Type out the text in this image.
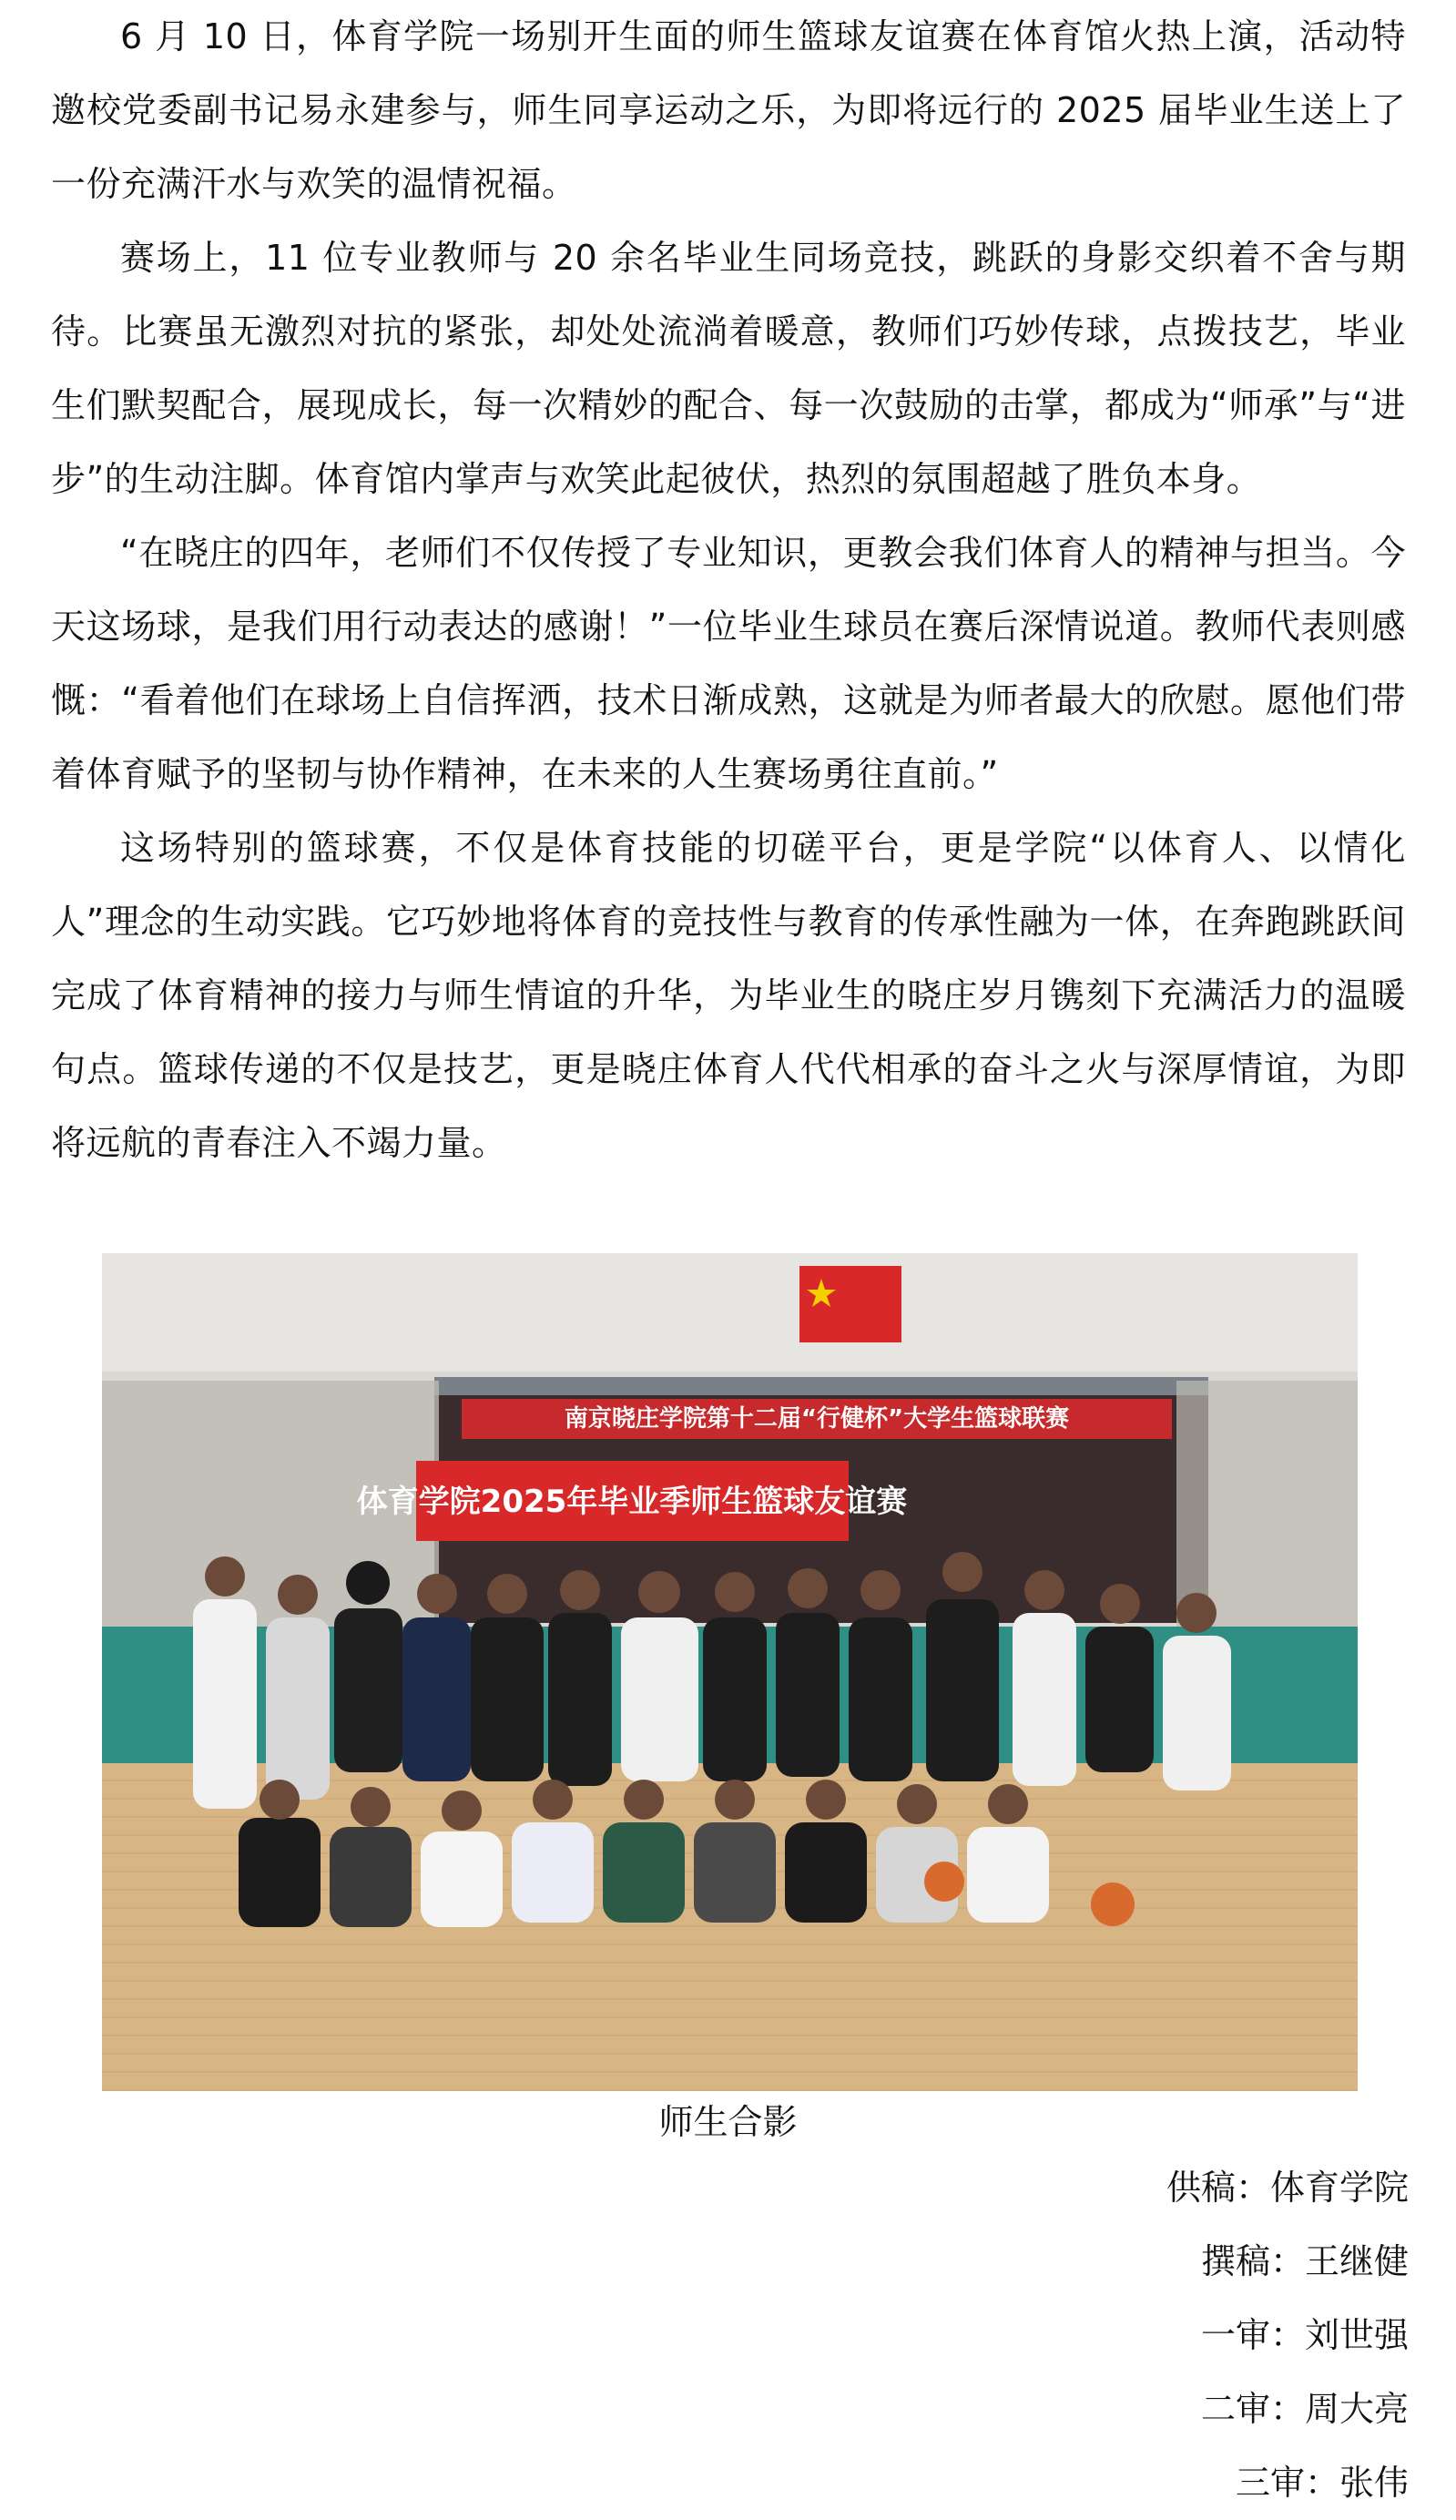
6 月 10 日，体育学院一场别开生面的师生篮球友谊赛在体育馆火热上演，活动特邀校党委副书记易永建参与，师生同享运动之乐，为即将远行的 2025 届毕业生送上了一份充满汗水与欢笑的温情祝福。

赛场上，11 位专业教师与 20 余名毕业生同场竞技，跳跃的身影交织着不舍与期待。比赛虽无激烈对抗的紧张，却处处流淌着暖意，教师们巧妙传球，点拨技艺，毕业生们默契配合，展现成长，每一次精妙的配合、每一次鼓励的击掌，都成为“师承”与“进步”的生动注脚。体育馆内掌声与欢笑此起彼伏，热烈的氛围超越了胜负本身。

“在晓庄的四年，老师们不仅传授了专业知识，更教会我们体育人的精神与担当。今天这场球，是我们用行动表达的感谢！”一位毕业生球员在赛后深情说道。教师代表则感慨：“看着他们在球场上自信挥洒，技术日渐成熟，这就是为师者最大的欣慰。愿他们带着体育赋予的坚韧与协作精神，在未来的人生赛场勇往直前。”

这场特别的篮球赛，不仅是体育技能的切磋平台，更是学院“以体育人、以情化人”理念的生动实践。它巧妙地将体育的竞技性与教育的传承性融为一体，在奔跑跳跃间完成了体育精神的接力与师生情谊的升华，为毕业生的晓庄岁月镌刻下充满活力的温暖句点。篮球传递的不仅是技艺，更是晓庄体育人代代相承的奋斗之火与深厚情谊，为即将远航的青春注入不竭力量。

南京晓庄学院第十二届“行健杯”大学生篮球联赛
体育学院2025年毕业季师生篮球友谊赛
师生合影
供稿：体育学院
撰稿：王继健
一审：刘世强
二审：周大亮
三审：张伟
